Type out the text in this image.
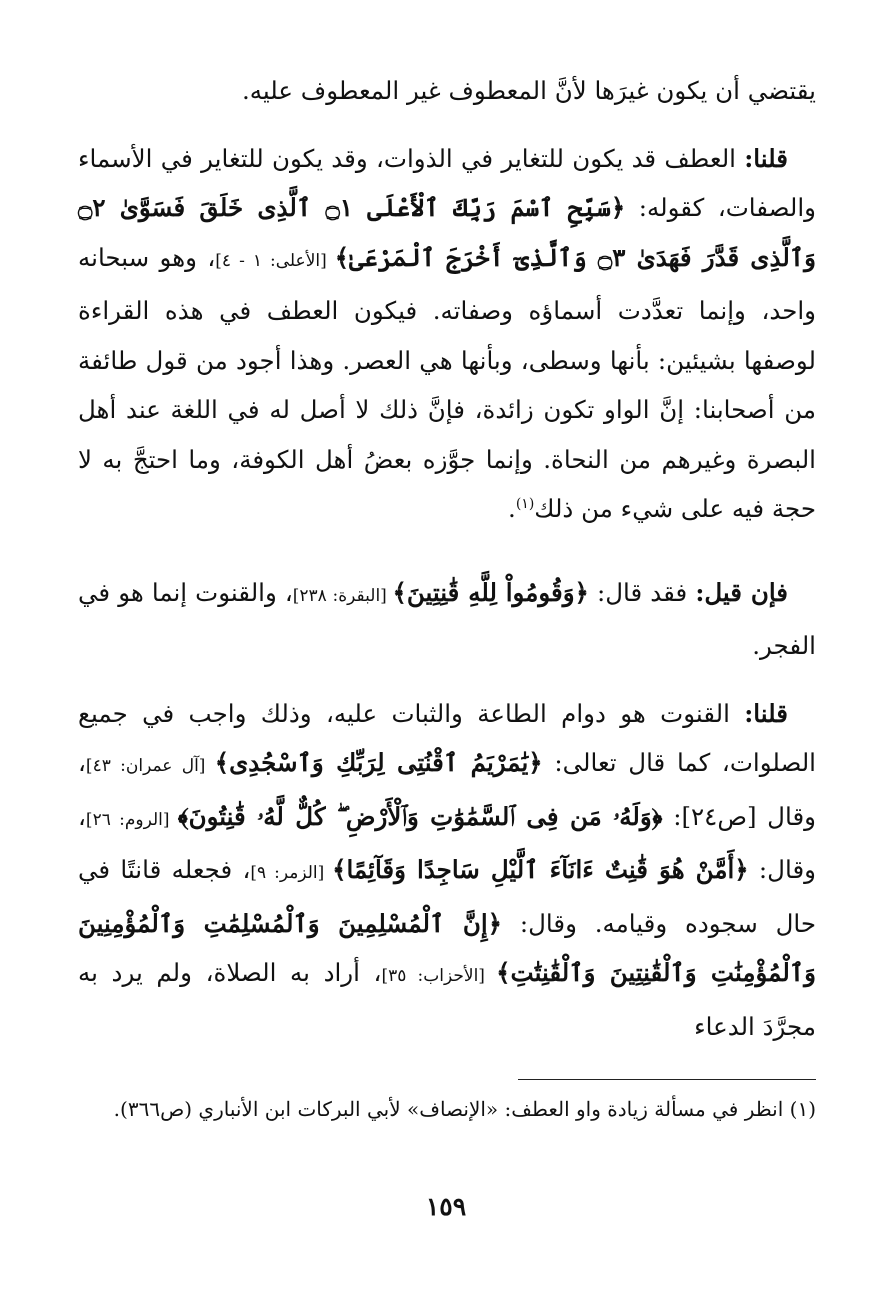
يقتضي أن يكون غيرَها لأنَّ المعطوف غير المعطوف عليه.

قلنا: العطف قد يكون للتغاير في الذوات، وقد يكون للتغاير في الأسماء والصفات، كقوله: ﴿سَبِّحِ ٱسْمَ رَبِّكَ ٱلْأَعْلَى ۝١ ٱلَّذِى خَلَقَ فَسَوَّىٰ ۝٢ وَٱلَّذِى قَدَّرَ فَهَدَىٰ ۝٣ وَٱلَّذِىٓ أَخْرَجَ ٱلْمَرْعَىٰ﴾ [الأعلى: ١ - ٤]، وهو سبحانه واحد، وإنما تعدَّدت أسماؤه وصفاته. فيكون العطف في هذه القراءة لوصفها بشيئين: بأنها وسطى، وبأنها هي العصر. وهذا أجود من قول طائفة من أصحابنا: إنَّ الواو تكون زائدة، فإنَّ ذلك لا أصل له في اللغة عند أهل البصرة وغيرهم من النحاة. وإنما جوَّزه بعضُ أهل الكوفة، وما احتجَّ به لا حجة فيه على شيء من ذلك$^{(١)}$.

فإن قيل: فقد قال: ﴿وَقُومُواْ لِلَّهِ قَٰنِتِينَ﴾ [البقرة: ٢٣٨]، والقنوت إنما هو في الفجر.

قلنا: القنوت هو دوام الطاعة والثبات عليه، وذلك واجب في جميع الصلوات، كما قال تعالى: ﴿يَٰمَرْيَمُ ٱقْنُتِى لِرَبِّكِ وَٱسْجُدِى﴾ [آل عمران: ٤٣]، وقال [ص٢٤]: ﴿وَلَهُۥ مَن فِى ٱلسَّمَٰوَٰتِ وَٱلْأَرْضِ ۖ كُلٌّ لَّهُۥ قَٰنِتُونَ﴾ [الروم: ٢٦]، وقال: ﴿أَمَّنْ هُوَ قَٰنِتٌ ءَانَآءَ ٱلَّيْلِ سَاجِدًا وَقَآئِمًا﴾ [الزمر: ٩]، فجعله قانتًا في حال سجوده وقيامه. وقال: ﴿إِنَّ ٱلْمُسْلِمِينَ وَٱلْمُسْلِمَٰتِ وَٱلْمُؤْمِنِينَ وَٱلْمُؤْمِنَٰتِ وَٱلْقَٰنِتِينَ وَٱلْقَٰنِتَٰتِ﴾ [الأحزاب: ٣٥]، أراد به الصلاة، ولم يرد به مجرَّدَ الدعاء

(١) انظر في مسألة زيادة واو العطف: «الإنصاف» لأبي البركات ابن الأنباري (ص٣٦٦).
١٥٩
